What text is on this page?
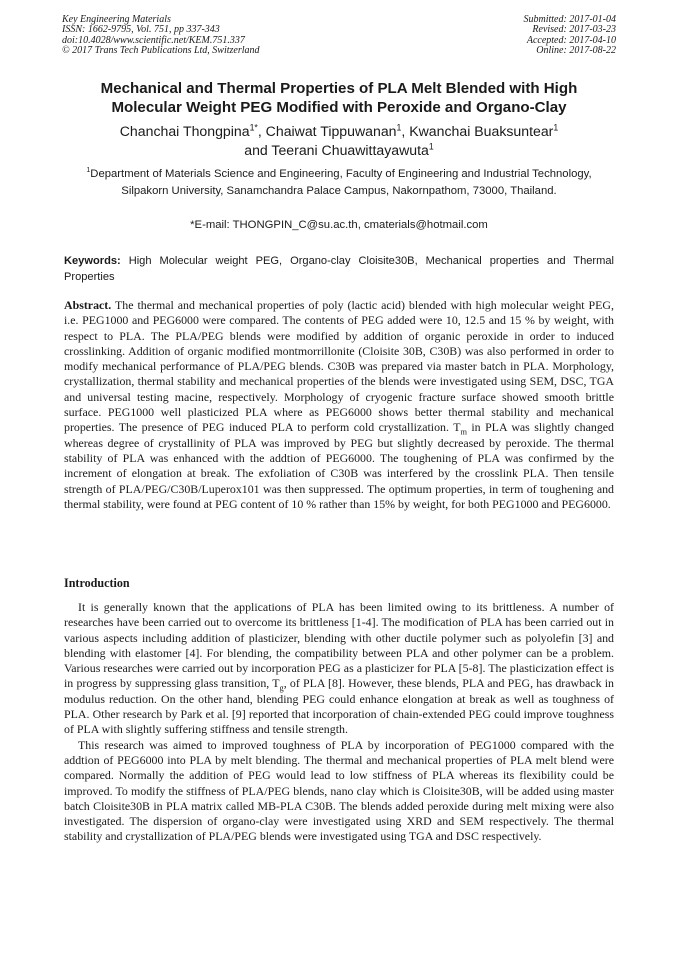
Key Engineering Materials
ISSN: 1662-9795, Vol. 751, pp 337-343
doi:10.4028/www.scientific.net/KEM.751.337
© 2017 Trans Tech Publications Ltd, Switzerland
Submitted: 2017-01-04
Revised: 2017-03-23
Accepted: 2017-04-10
Online: 2017-08-22
Mechanical and Thermal Properties of PLA Melt Blended with High Molecular Weight PEG Modified with Peroxide and Organo-Clay
Chanchai Thongpina$^{1*}$, Chaiwat Tippuwanan$^1$, Kwanchai Buaksuntear$^1$
and Teerani Chuawittayawuta$^1$
$^1$Department of Materials Science and Engineering, Faculty of Engineering and Industrial Technology, Silpakorn University, Sanamchandra Palace Campus, Nakornpathom, 73000, Thailand.
*E-mail: THONGPIN_C@su.ac.th, cmaterials@hotmail.com
Keywords: High Molecular weight PEG, Organo-clay Cloisite30B, Mechanical properties and Thermal Properties
Abstract. The thermal and mechanical properties of poly (lactic acid) blended with high molecular weight PEG, i.e. PEG1000 and PEG6000 were compared. The contents of PEG added were 10, 12.5 and 15 % by weight, with respect to PLA. The PLA/PEG blends were modified by addition of organic peroxide in order to induced crosslinking. Addition of organic modified montmorrillonite (Cloisite 30B, C30B) was also performed in order to modify mechanical performance of PLA/PEG blends. C30B was prepared via master batch in PLA. Morphology, crystallization, thermal stability and mechanical properties of the blends were investigated using SEM, DSC, TGA and universal testing macine, respectively. Morphology of cryogenic fracture surface showed smooth brittle surface. PEG1000 well plasticized PLA where as PEG6000 shows better thermal stability and mechanical properties. The presence of PEG induced PLA to perform cold crystallization. $T_m$ in PLA was slightly changed whereas degree of crystallinity of PLA was improved by PEG but slightly decreased by peroxide. The thermal stability of PLA was enhanced with the addtion of PEG6000. The toughening of PLA was confirmed by the increment of elongation at break. The exfoliation of C30B was interfered by the crosslink PLA. Then tensile strength of PLA/PEG/C30B/Luperox101 was then suppressed. The optimum properties, in term of toughening and thermal stability, were found at PEG content of 10 % rather than 15% by weight, for both PEG1000 and PEG6000.
Introduction

It is generally known that the applications of PLA has been limited owing to its brittleness. A number of researches have been carried out to overcome its brittleness [1-4]. The modification of PLA has been carried out in various aspects including addition of plasticizer, blending with other ductile polymer such as polyolefin [3] and blending with elastomer [4]. For blending, the compatibility between PLA and other polymer can be a problem. Various researches were carried out by incorporation PEG as a plasticizer for PLA [5-8]. The plasticization effect is in progress by suppressing glass transition, $T_g$, of PLA [8]. However, these blends, PLA and PEG, has drawback in modulus reduction. On the other hand, blending PEG could enhance elongation at break as well as toughness of PLA. Other research by Park et al. [9] reported that incorporation of chain-extended PEG could improve toughness of PLA with slightly suffering stiffness and tensile strength.

This research was aimed to improved toughness of PLA by incorporation of PEG1000 compared with the addtion of PEG6000 into PLA by melt blending. The thermal and mechanical properties of PLA melt blend were compared. Normally the addition of PEG would lead to low stiffness of PLA whereas its flexibility could be improved. To modify the stiffness of PLA/PEG blends, nano clay which is Cloisite30B, will be added using master batch Cloisite30B in PLA matrix called MB-PLA C30B. The blends added peroxide during melt mixing were also investigated. The dispersion of organo-clay were investigated using XRD and SEM respectively. The thermal stability and crystallization of PLA/PEG blends were investigated using TGA and DSC respectively.
